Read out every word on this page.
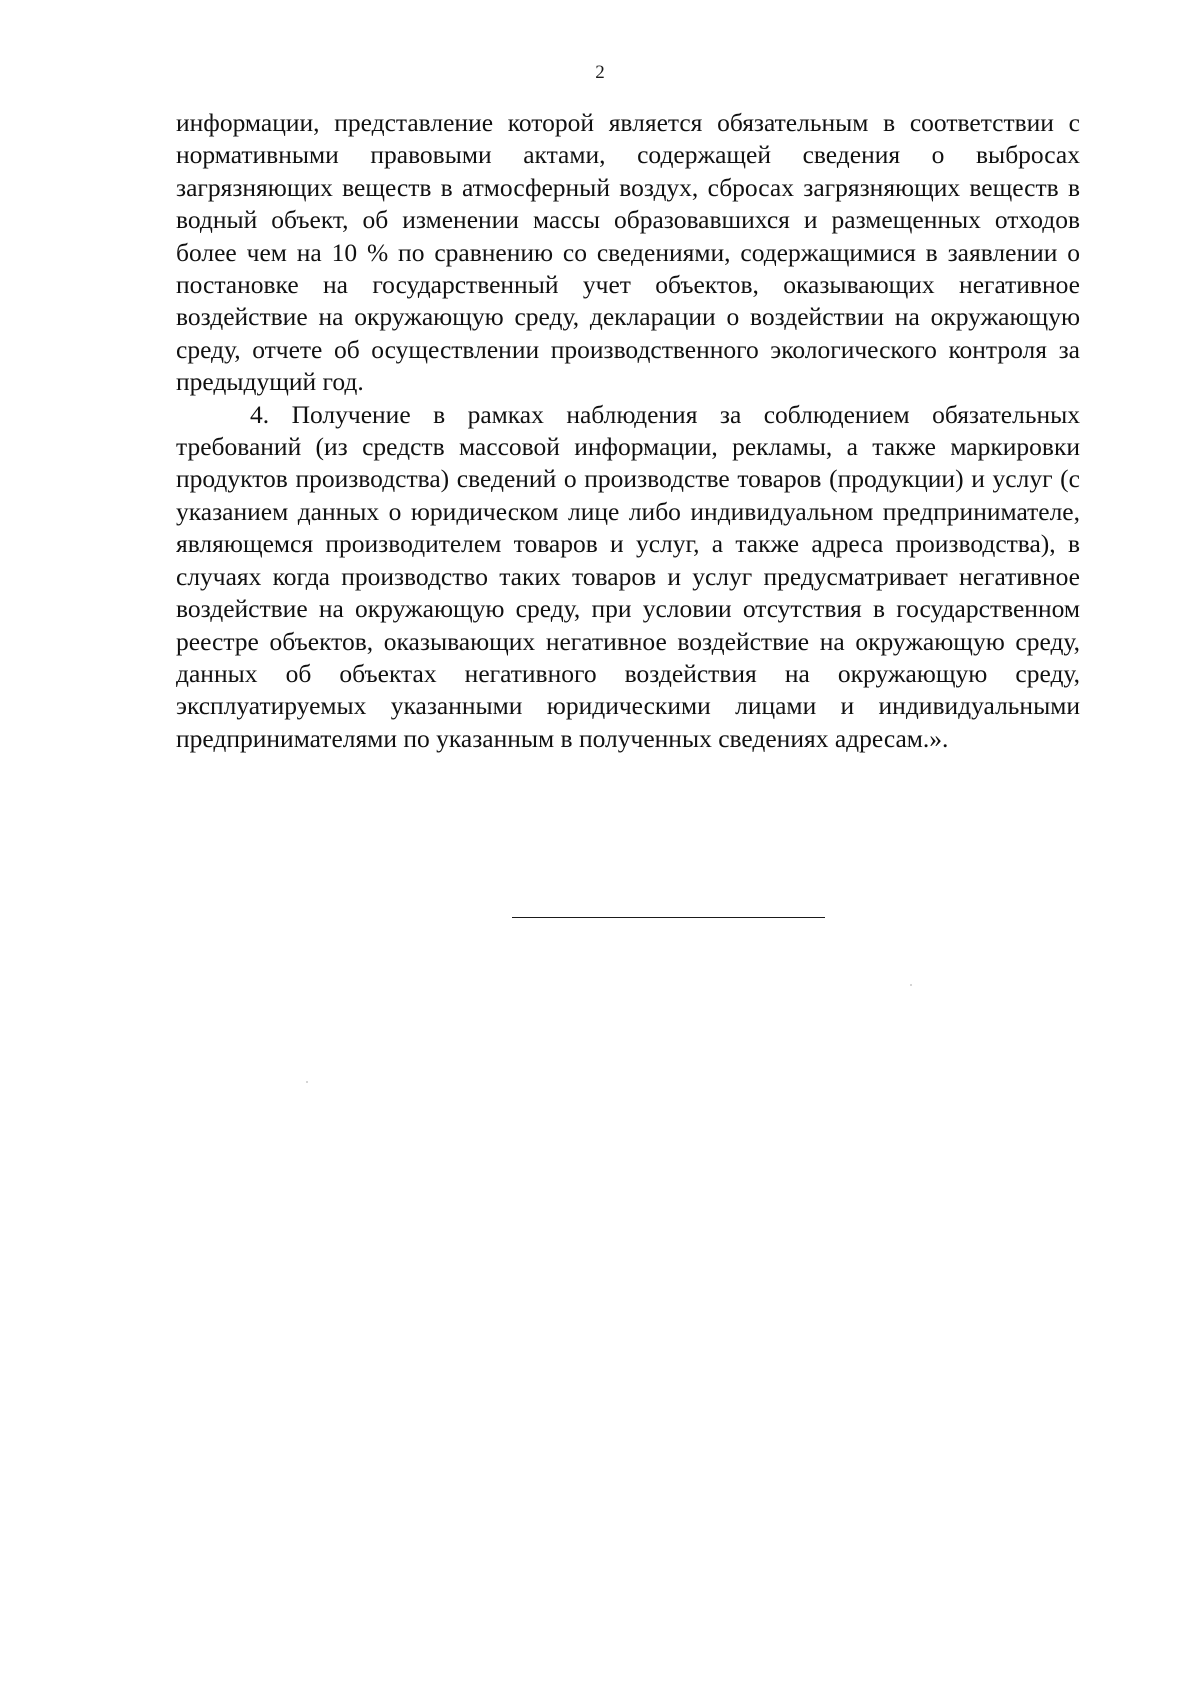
2

информации, представление которой является обязательным в соответствии с нормативными правовыми актами, содержащей сведения о выбросах загрязняющих веществ в атмосферный воздух, сбросах загрязняющих веществ в водный объект, об изменении массы образовавшихся и размещенных отходов более чем на 10 % по сравнению со сведениями, содержащимися в заявлении о постановке на государственный учет объектов, оказывающих негативное воздействие на окружающую среду, декларации о воздействии на окружающую среду, отчете об осуществлении производственного экологического контроля за предыдущий год.

4. Получение в рамках наблюдения за соблюдением обязательных требований (из средств массовой информации, рекламы, а также маркировки продуктов производства) сведений о производстве товаров (продукции) и услуг (с указанием данных о юридическом лице либо индивидуальном предпринимателе, являющемся производителем товаров и услуг, а также адреса производства), в случаях когда производство таких товаров и услуг предусматривает негативное воздействие на окружающую среду, при условии отсутствия в государственном реестре объектов, оказывающих негативное воздействие на окружающую среду, данных об объектах негативного воздействия на окружающую среду, эксплуатируемых указанными юридическими лицами и индивидуальными предпринимателями по указанным в полученных сведениях адресам.».
